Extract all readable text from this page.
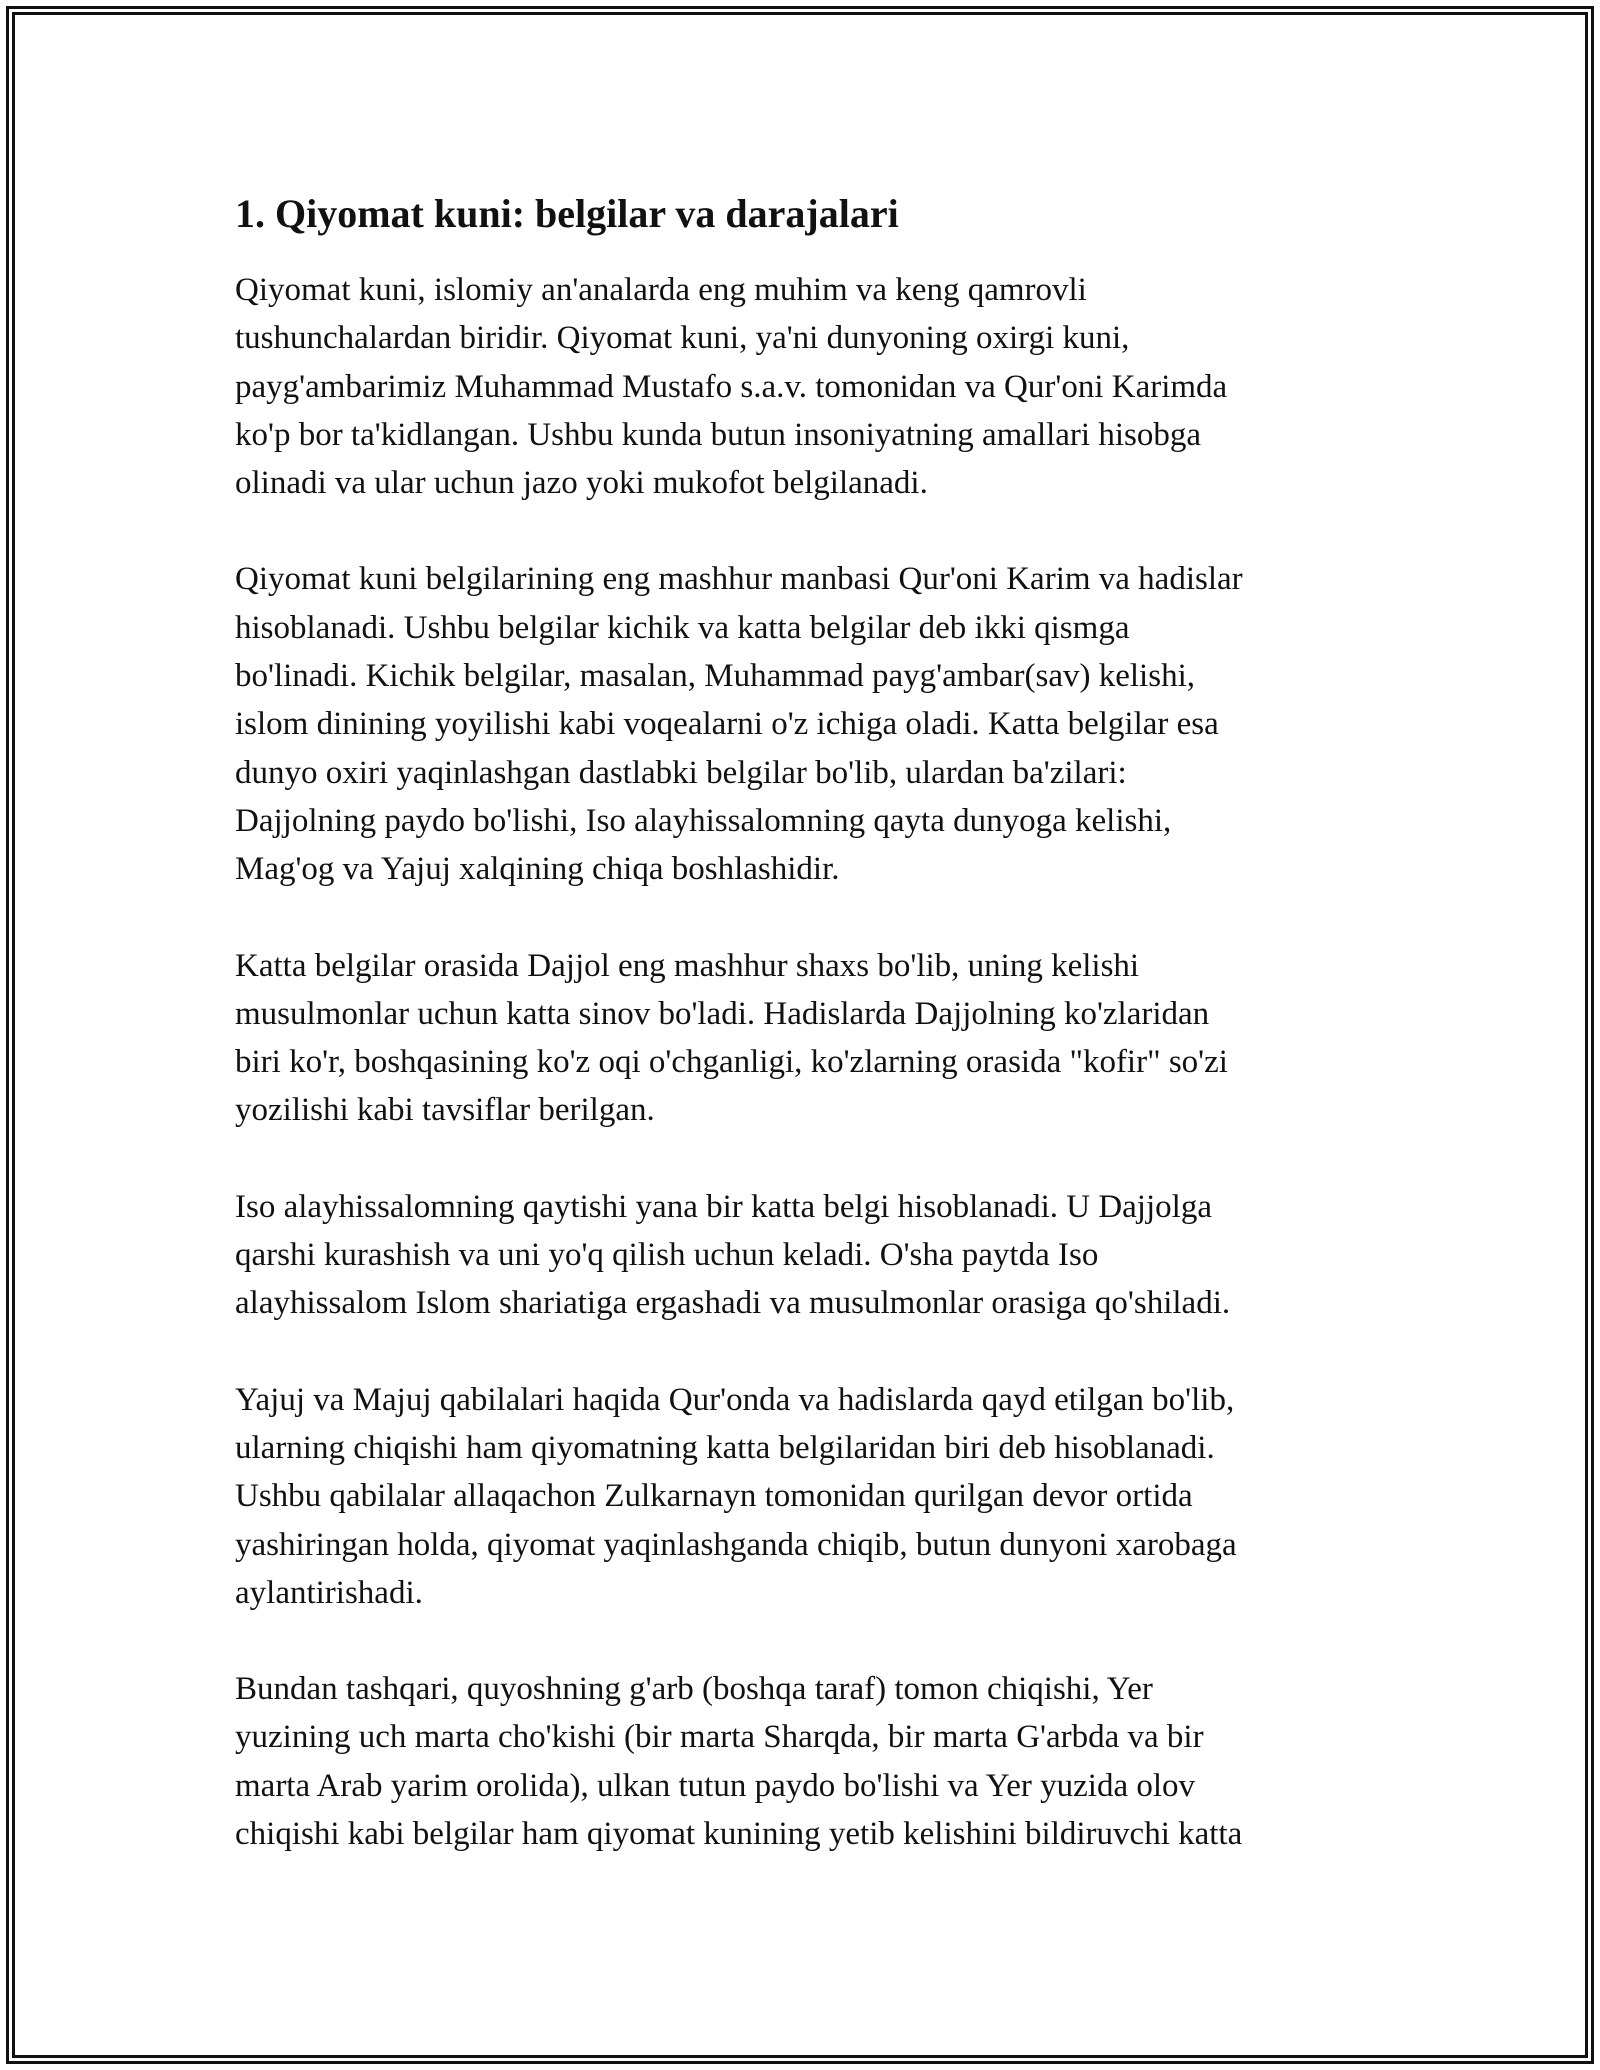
1. Qiyomat kuni: belgilar va darajalari

Qiyomat kuni, islomiy an'analarda eng muhim va keng qamrovli
tushunchalardan biridir. Qiyomat kuni, ya'ni dunyoning oxirgi kuni,
payg'ambarimiz Muhammad Mustafo s.a.v. tomonidan va Qur'oni Karimda
ko'p bor ta'kidlangan. Ushbu kunda butun insoniyatning amallari hisobga
olinadi va ular uchun jazo yoki mukofot belgilanadi.

Qiyomat kuni belgilarining eng mashhur manbasi Qur'oni Karim va hadislar
hisoblanadi. Ushbu belgilar kichik va katta belgilar deb ikki qismga
bo'linadi. Kichik belgilar, masalan, Muhammad payg'ambar(sav) kelishi,
islom dinining yoyilishi kabi voqealarni o'z ichiga oladi. Katta belgilar esa
dunyo oxiri yaqinlashgan dastlabki belgilar bo'lib, ulardan ba'zilari:
Dajjolning paydo bo'lishi, Iso alayhissalomning qayta dunyoga kelishi,
Mag'og va Yajuj xalqining chiqa boshlashidir.

Katta belgilar orasida Dajjol eng mashhur shaxs bo'lib, uning kelishi
musulmonlar uchun katta sinov bo'ladi. Hadislarda Dajjolning ko'zlaridan
biri ko'r, boshqasining ko'z oqi o'chganligi, ko'zlarning orasida "kofir" so'zi
yozilishi kabi tavsiflar berilgan.

Iso alayhissalomning qaytishi yana bir katta belgi hisoblanadi. U Dajjolga
qarshi kurashish va uni yo'q qilish uchun keladi. O'sha paytda Iso
alayhissalom Islom shariatiga ergashadi va musulmonlar orasiga qo'shiladi.

Yajuj va Majuj qabilalari haqida Qur'onda va hadislarda qayd etilgan bo'lib,
ularning chiqishi ham qiyomatning katta belgilaridan biri deb hisoblanadi.
Ushbu qabilalar allaqachon Zulkarnayn tomonidan qurilgan devor ortida
yashiringan holda, qiyomat yaqinlashganda chiqib, butun dunyoni xarobaga
aylantirishadi.

Bundan tashqari, quyoshning g'arb (boshqa taraf) tomon chiqishi, Yer
yuzining uch marta cho'kishi (bir marta Sharqda, bir marta G'arbda va bir
marta Arab yarim orolida), ulkan tutun paydo bo'lishi va Yer yuzida olov
chiqishi kabi belgilar ham qiyomat kunining yetib kelishini bildiruvchi katta
